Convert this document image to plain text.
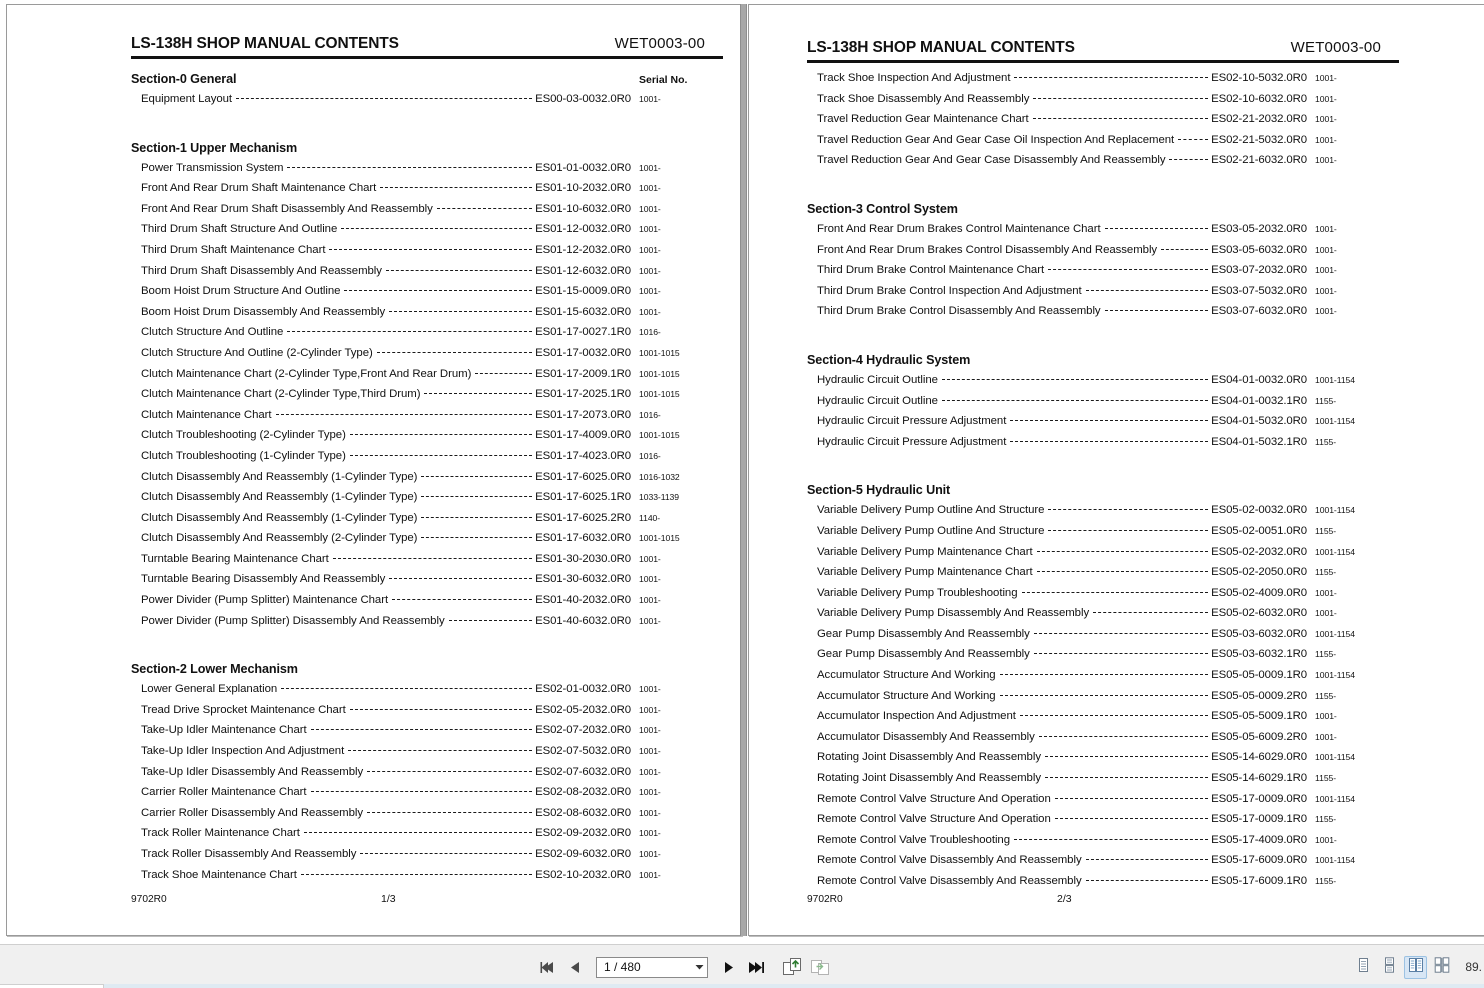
LS-138H SHOP MANUAL CONTENTS	WET0003-00
Section-0 General	Serial No.
Equipment Layout	ES00-03-0032.0R0 1001-
Section-1 Upper Mechanism
Power Transmission System	ES01-01-0032.0R0 1001-
Front And Rear Drum Shaft Maintenance Chart	ES01-10-2032.0R0 1001-
Front And Rear Drum Shaft Disassembly And Reassembly	ES01-10-6032.0R0 1001-
Third Drum Shaft Structure And Outline	ES01-12-0032.0R0 1001-
Third Drum Shaft Maintenance Chart	ES01-12-2032.0R0 1001-
Third Drum Shaft Disassembly And Reassembly	ES01-12-6032.0R0 1001-
Boom Hoist Drum Structure And Outline	ES01-15-0009.0R0 1001-
Boom Hoist Drum Disassembly And Reassembly	ES01-15-6032.0R0 1001-
Clutch Structure And Outline	ES01-17-0027.1R0 1016-
Clutch Structure And Outline (2-Cylinder Type)	ES01-17-0032.0R0 1001-1015
Clutch Maintenance Chart (2-Cylinder Type,Front And Rear Drum)	ES01-17-2009.1R0 1001-1015
Clutch Maintenance Chart (2-Cylinder Type,Third Drum)	ES01-17-2025.1R0 1001-1015
Clutch Maintenance Chart	ES01-17-2073.0R0 1016-
Clutch Troubleshooting (2-Cylinder Type)	ES01-17-4009.0R0 1001-1015
Clutch Troubleshooting (1-Cylinder Type)	ES01-17-4023.0R0 1016-
Clutch Disassembly And Reassembly (1-Cylinder Type)	ES01-17-6025.0R0 1016-1032
Clutch Disassembly And Reassembly (1-Cylinder Type)	ES01-17-6025.1R0 1033-1139
Clutch Disassembly And Reassembly (1-Cylinder Type)	ES01-17-6025.2R0 1140-
Clutch Disassembly And Reassembly (2-Cylinder Type)	ES01-17-6032.0R0 1001-1015
Turntable Bearing Maintenance Chart	ES01-30-2030.0R0 1001-
Turntable Bearing Disassembly And Reassembly	ES01-30-6032.0R0 1001-
Power Divider (Pump Splitter) Maintenance Chart	ES01-40-2032.0R0 1001-
Power Divider (Pump Splitter) Disassembly And Reassembly	ES01-40-6032.0R0 1001-
Section-2 Lower Mechanism
Lower General Explanation	ES02-01-0032.0R0 1001-
Tread Drive Sprocket Maintenance Chart	ES02-05-2032.0R0 1001-
Take-Up Idler Maintenance Chart	ES02-07-2032.0R0 1001-
Take-Up Idler Inspection And Adjustment	ES02-07-5032.0R0 1001-
Take-Up Idler Disassembly And Reassembly	ES02-07-6032.0R0 1001-
Carrier Roller Maintenance Chart	ES02-08-2032.0R0 1001-
Carrier Roller Disassembly And Reassembly	ES02-08-6032.0R0 1001-
Track Roller Maintenance Chart	ES02-09-2032.0R0 1001-
Track Roller Disassembly And Reassembly	ES02-09-6032.0R0 1001-
Track Shoe Maintenance Chart	ES02-10-2032.0R0 1001-
9702R0	1/3
LS-138H SHOP MANUAL CONTENTS	WET0003-00
Track Shoe Inspection And Adjustment	ES02-10-5032.0R0 1001-
Track Shoe Disassembly And Reassembly	ES02-10-6032.0R0 1001-
Travel Reduction Gear Maintenance Chart	ES02-21-2032.0R0 1001-
Travel Reduction Gear And Gear Case Oil Inspection And Replacement	ES02-21-5032.0R0 1001-
Travel Reduction Gear And Gear Case Disassembly And Reassembly	ES02-21-6032.0R0 1001-
Section-3 Control System
Front And Rear Drum Brakes Control Maintenance Chart	ES03-05-2032.0R0 1001-
Front And Rear Drum Brakes Control Disassembly And Reassembly	ES03-05-6032.0R0 1001-
Third Drum Brake Control Maintenance Chart	ES03-07-2032.0R0 1001-
Third Drum Brake Control Inspection And Adjustment	ES03-07-5032.0R0 1001-
Third Drum Brake Control Disassembly And Reassembly	ES03-07-6032.0R0 1001-
Section-4 Hydraulic System
Hydraulic Circuit Outline	ES04-01-0032.0R0 1001-1154
Hydraulic Circuit Outline	ES04-01-0032.1R0 1155-
Hydraulic Circuit Pressure Adjustment	ES04-01-5032.0R0 1001-1154
Hydraulic Circuit Pressure Adjustment	ES04-01-5032.1R0 1155-
Section-5 Hydraulic Unit
Variable Delivery Pump Outline And Structure	ES05-02-0032.0R0 1001-1154
Variable Delivery Pump Outline And Structure	ES05-02-0051.0R0 1155-
Variable Delivery Pump Maintenance Chart	ES05-02-2032.0R0 1001-1154
Variable Delivery Pump Maintenance Chart	ES05-02-2050.0R0 1155-
Variable Delivery Pump Troubleshooting	ES05-02-4009.0R0 1001-
Variable Delivery Pump Disassembly And Reassembly	ES05-02-6032.0R0 1001-
Gear Pump Disassembly And Reassembly	ES05-03-6032.0R0 1001-1154
Gear Pump Disassembly And Reassembly	ES05-03-6032.1R0 1155-
Accumulator Structure And Working	ES05-05-0009.1R0 1001-1154
Accumulator Structure And Working	ES05-05-0009.2R0 1155-
Accumulator Inspection And Adjustment	ES05-05-5009.1R0 1001-
Accumulator Disassembly And Reassembly	ES05-05-6009.2R0 1001-
Rotating Joint Disassembly And Reassembly	ES05-14-6029.0R0 1001-1154
Rotating Joint Disassembly And Reassembly	ES05-14-6029.1R0 1155-
Remote Control Valve Structure And Operation	ES05-17-0009.0R0 1001-1154
Remote Control Valve Structure And Operation	ES05-17-0009.1R0 1155-
Remote Control Valve Troubleshooting	ES05-17-4009.0R0 1001-
Remote Control Valve Disassembly And Reassembly	ES05-17-6009.0R0 1001-1154
Remote Control Valve Disassembly And Reassembly	ES05-17-6009.1R0 1155-
9702R0	2/3
1 / 480	89.
